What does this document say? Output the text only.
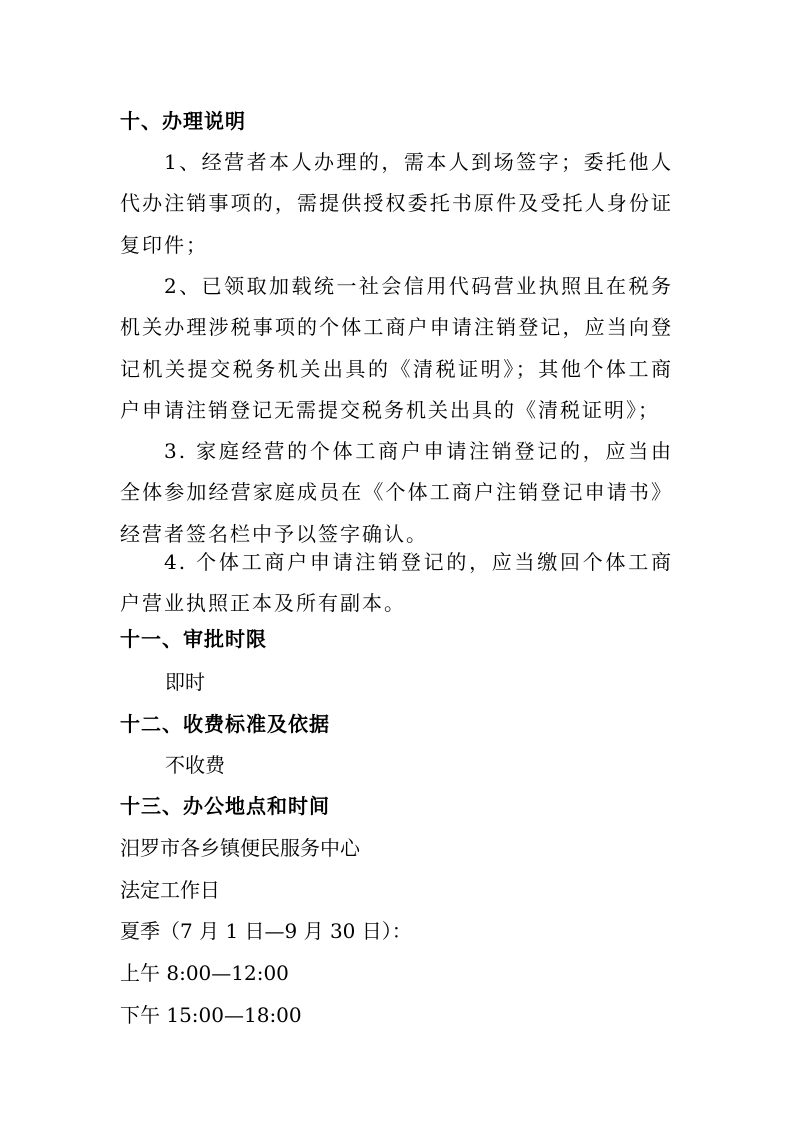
十、办理说明
1、经营者本人办理的，需本人到场签字；委托他人代办注销事项的，需提供授权委托书原件及受托人身份证复印件；
2、已领取加载统一社会信用代码营业执照且在税务机关办理涉税事项的个体工商户申请注销登记，应当向登记机关提交税务机关出具的《清税证明》；其他个体工商户申请注销登记无需提交税务机关出具的《清税证明》；
3. 家庭经营的个体工商户申请注销登记的，应当由全体参加经营家庭成员在《个体工商户注销登记申请书》经营者签名栏中予以签字确认。
4. 个体工商户申请注销登记的，应当缴回个体工商户营业执照正本及所有副本。
十一、审批时限
即时
十二、收费标准及依据
不收费
十三、办公地点和时间
汨罗市各乡镇便民服务中心
法定工作日
夏季（7 月 1 日—9 月 30 日）：
上午 8:00—12:00
下午 15:00—18:00
